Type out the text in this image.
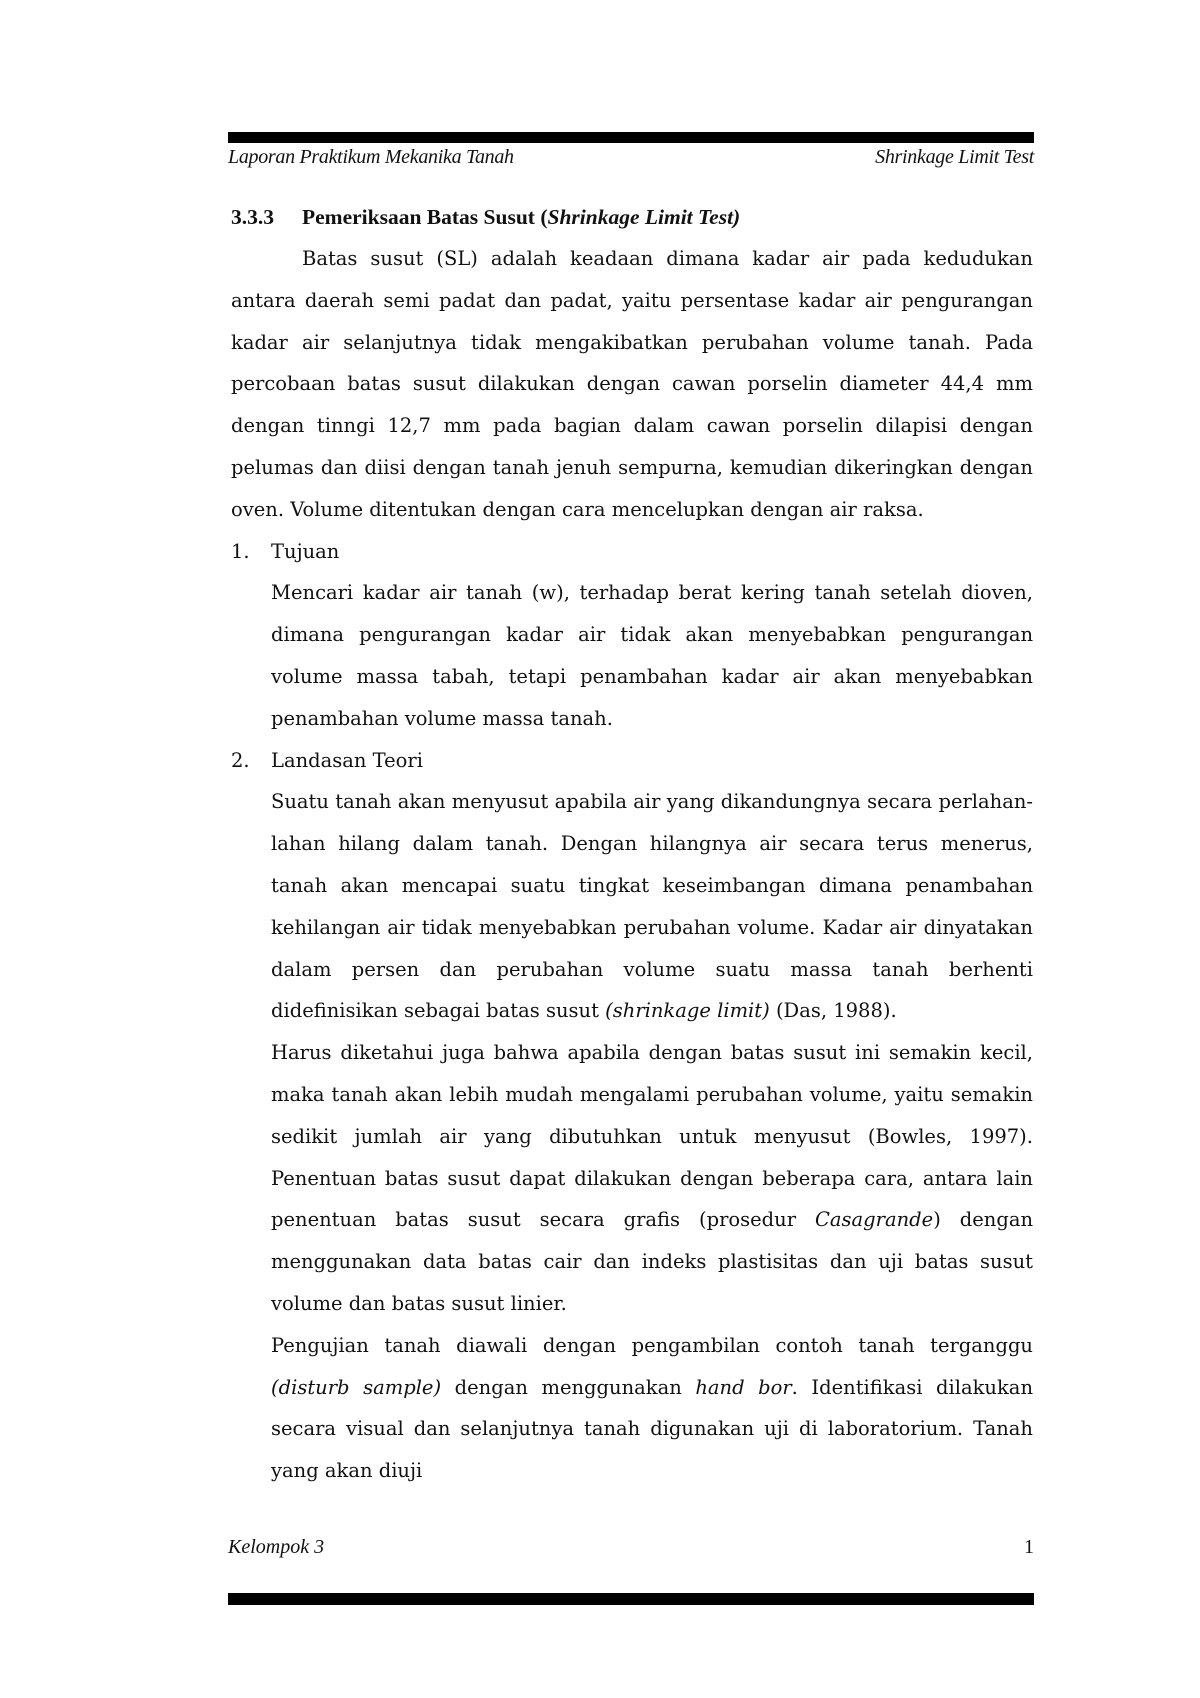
Laporan Praktikum Mekanika Tanah	Shrinkage Limit Test
3.3.3 Pemeriksaan Batas Susut (Shrinkage Limit Test)

Batas susut (SL) adalah keadaan dimana kadar air pada kedudukan antara daerah semi padat dan padat, yaitu persentase kadar air pengurangan kadar air selanjutnya tidak mengakibatkan perubahan volume tanah. Pada percobaan batas susut dilakukan dengan cawan porselin diameter 44,4 mm dengan tinngi 12,7 mm pada bagian dalam cawan porselin dilapisi dengan pelumas dan diisi dengan tanah jenuh sempurna, kemudian dikeringkan dengan oven. Volume ditentukan dengan cara mencelupkan dengan air raksa.

1.	Tujuan

Mencari kadar air tanah (w), terhadap berat kering tanah setelah dioven, dimana pengurangan kadar air tidak akan menyebabkan pengurangan volume massa tabah, tetapi penambahan kadar air akan menyebabkan penambahan volume massa tanah.

2.	Landasan Teori

Suatu tanah akan menyusut apabila air yang dikandungnya secara perlahan-lahan hilang dalam tanah. Dengan hilangnya air secara terus menerus, tanah akan mencapai suatu tingkat keseimbangan dimana penambahan kehilangan air tidak menyebabkan perubahan volume. Kadar air dinyatakan dalam persen dan perubahan volume suatu massa tanah berhenti didefinisikan sebagai batas susut (shrinkage limit) (Das, 1988).

Harus diketahui juga bahwa apabila dengan batas susut ini semakin kecil, maka tanah akan lebih mudah mengalami perubahan volume, yaitu semakin sedikit jumlah air yang dibutuhkan untuk menyusut (Bowles, 1997). Penentuan batas susut dapat dilakukan dengan beberapa cara, antara lain penentuan batas susut secara grafis (prosedur Casagrande) dengan menggunakan data batas cair dan indeks plastisitas dan uji batas susut volume dan batas susut linier.

Pengujian tanah diawali dengan pengambilan contoh tanah terganggu (disturb sample) dengan menggunakan hand bor. Identifikasi dilakukan secara visual dan selanjutnya tanah digunakan uji di laboratorium. Tanah yang akan diuji

Kelompok 3	1
